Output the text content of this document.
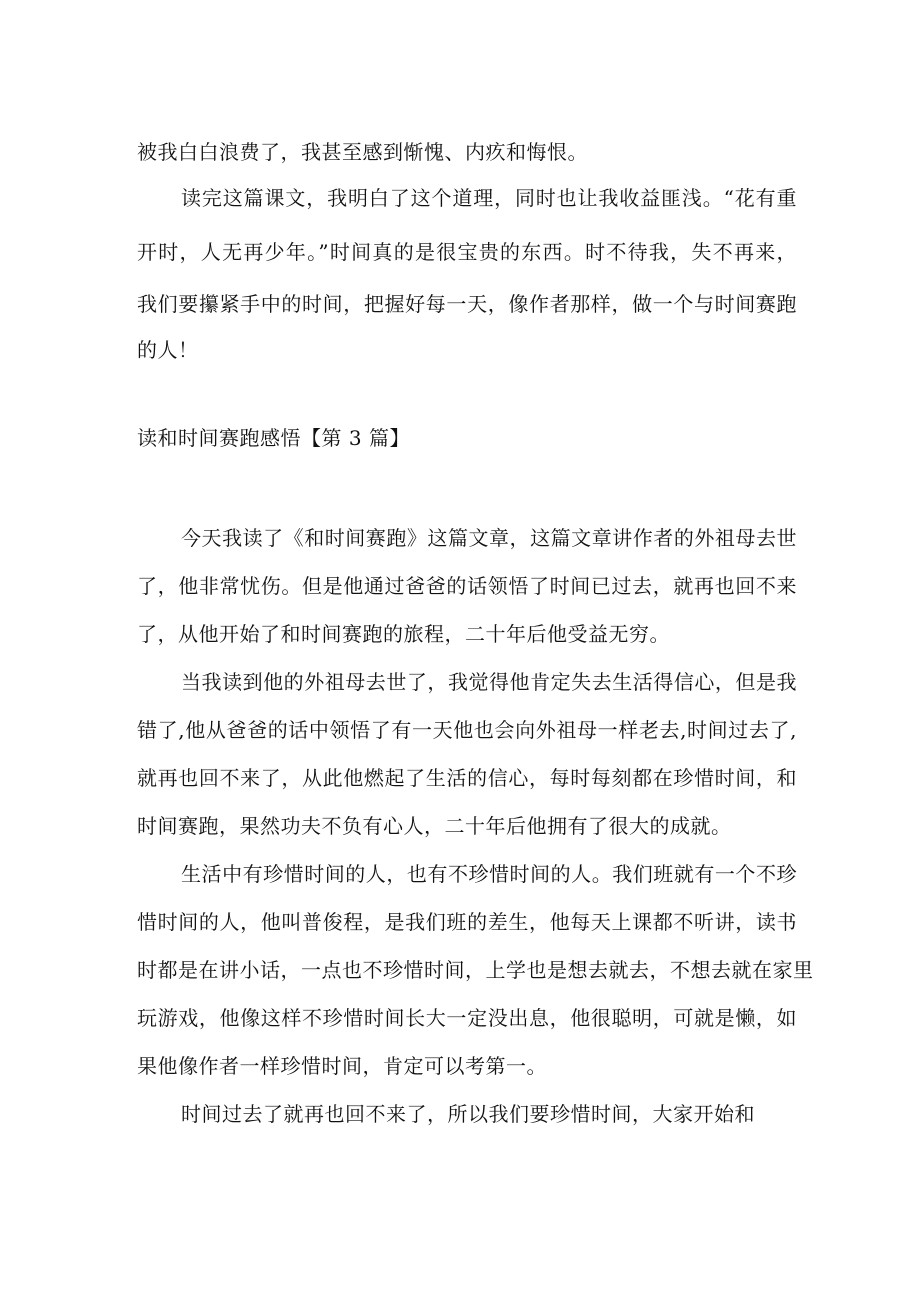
被我白白浪费了，我甚至感到惭愧、内疚和悔恨。

读完这篇课文，我明白了这个道理，同时也让我收益匪浅。“花有重

开时，人无再少年。”时间真的是很宝贵的东西。时不待我，失不再来，

我们要攥紧手中的时间，把握好每一天，像作者那样，做一个与时间赛跑

的人！

读和时间赛跑感悟【第 3 篇】

今天我读了《和时间赛跑》这篇文章，这篇文章讲作者的外祖母去世

了，他非常忧伤。但是他通过爸爸的话领悟了时间已过去，就再也回不来

了，从他开始了和时间赛跑的旅程，二十年后他受益无穷。

当我读到他的外祖母去世了，我觉得他肯定失去生活得信心，但是我

错了,他从爸爸的话中领悟了有一天他也会向外祖母一样老去,时间过去了,

就再也回不来了，从此他燃起了生活的信心，每时每刻都在珍惜时间，和

时间赛跑，果然功夫不负有心人，二十年后他拥有了很大的成就。

生活中有珍惜时间的人，也有不珍惜时间的人。我们班就有一个不珍

惜时间的人，他叫普俊程，是我们班的差生，他每天上课都不听讲，读书

时都是在讲小话，一点也不珍惜时间，上学也是想去就去，不想去就在家里

玩游戏，他像这样不珍惜时间长大一定没出息，他很聪明，可就是懒，如

果他像作者一样珍惜时间，肯定可以考第一。

时间过去了就再也回不来了，所以我们要珍惜时间，大家开始和
